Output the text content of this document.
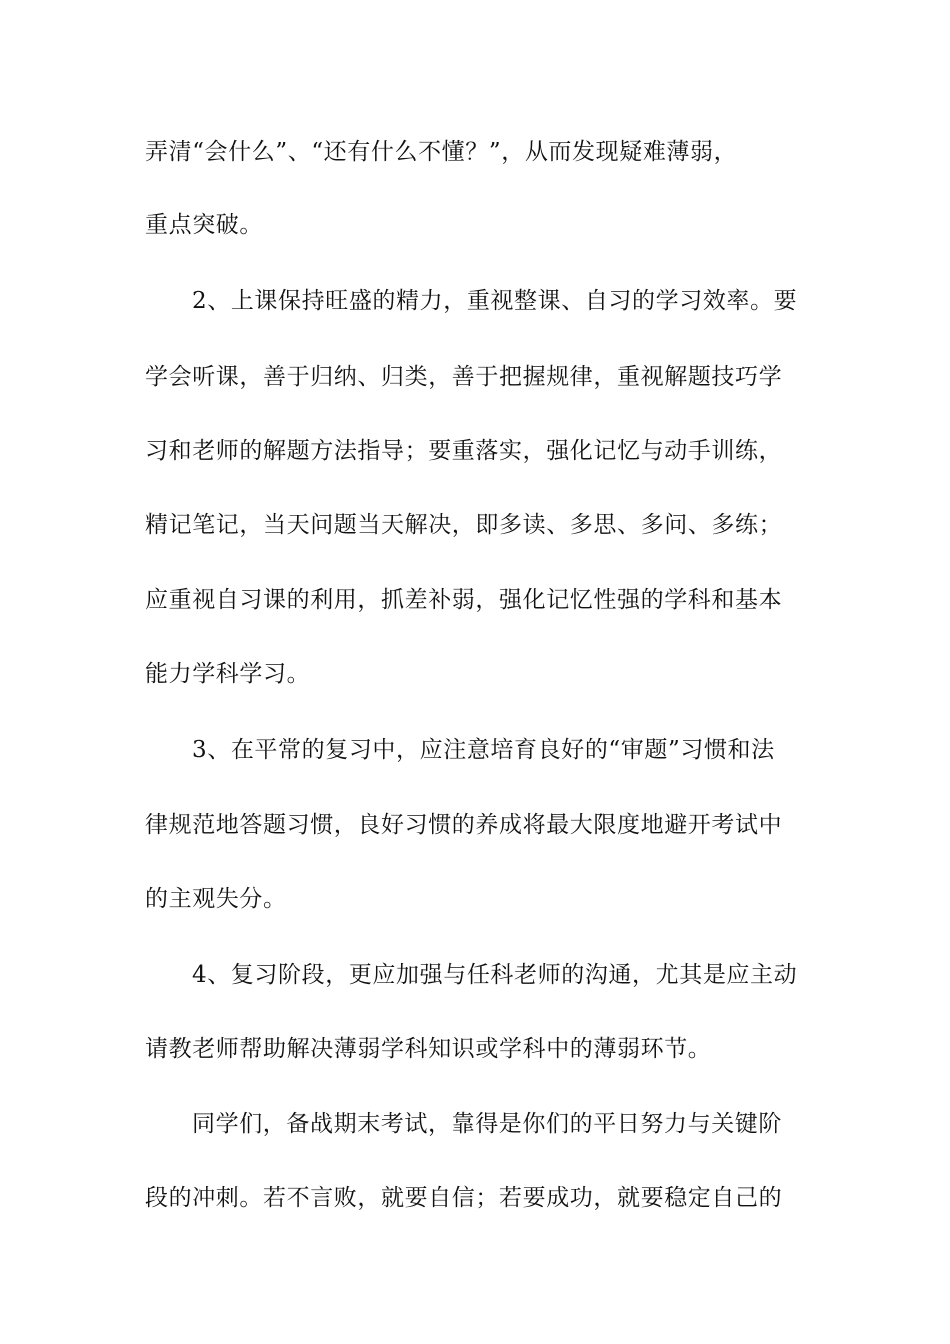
弄清“会什么”、“还有什么不懂？”，从而发现疑难薄弱，
重点突破。
2、上课保持旺盛的精力，重视整课、自习的学习效率。要
学会听课，善于归纳、归类，善于把握规律，重视解题技巧学
习和老师的解题方法指导；要重落实，强化记忆与动手训练，
精记笔记，当天问题当天解决，即多读、多思、多问、多练；
应重视自习课的利用，抓差补弱，强化记忆性强的学科和基本
能力学科学习。
3、在平常的复习中，应注意培育良好的“审题”习惯和法
律规范地答题习惯，良好习惯的养成将最大限度地避开考试中
的主观失分。
4、复习阶段，更应加强与任科老师的沟通，尤其是应主动
请教老师帮助解决薄弱学科知识或学科中的薄弱环节。
同学们，备战期末考试，靠得是你们的平日努力与关键阶
段的冲刺。若不言败，就要自信；若要成功，就要稳定自己的
